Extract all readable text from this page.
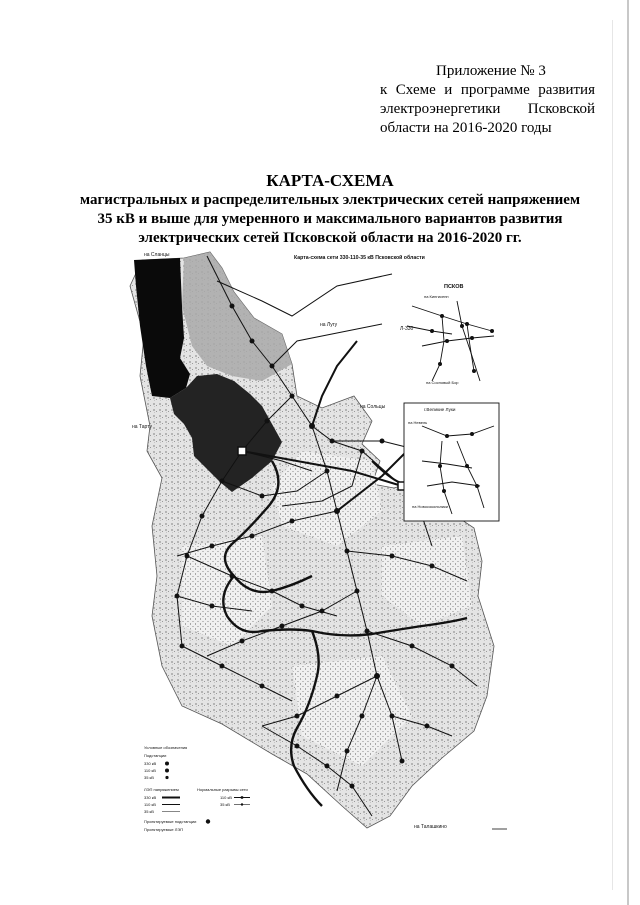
Приложение № 3
к Схеме и программе развития
электроэнергетики Псковской
области на 2016-2020 годы
КАРТА-СХЕМА
магистральных и распределительных электрических сетей напряжением
35 кВ и выше для умеренного и максимального вариантов развития
электрических сетей Псковской области на 2016-2020 гг.
Карта-схема сети 330-110-35 кВ Псковской области
на Сланцы
на Лугу
на Тарту
на Сольцы
на Талашкино
Л-330
ПСКОВ
на Кингисепп
на Сосновый Бор
г.Великие Луки
на Невель
на Новосокольники
Условные обозначения
Подстанции
330 кВ
110 кВ
35 кВ
ЛЭП напряжением
330 кВ
110 кВ
35 кВ
Нормальные разрывы сети
110 кВ
35 кВ
Проектируемые подстанции
Проектируемые ЛЭП
